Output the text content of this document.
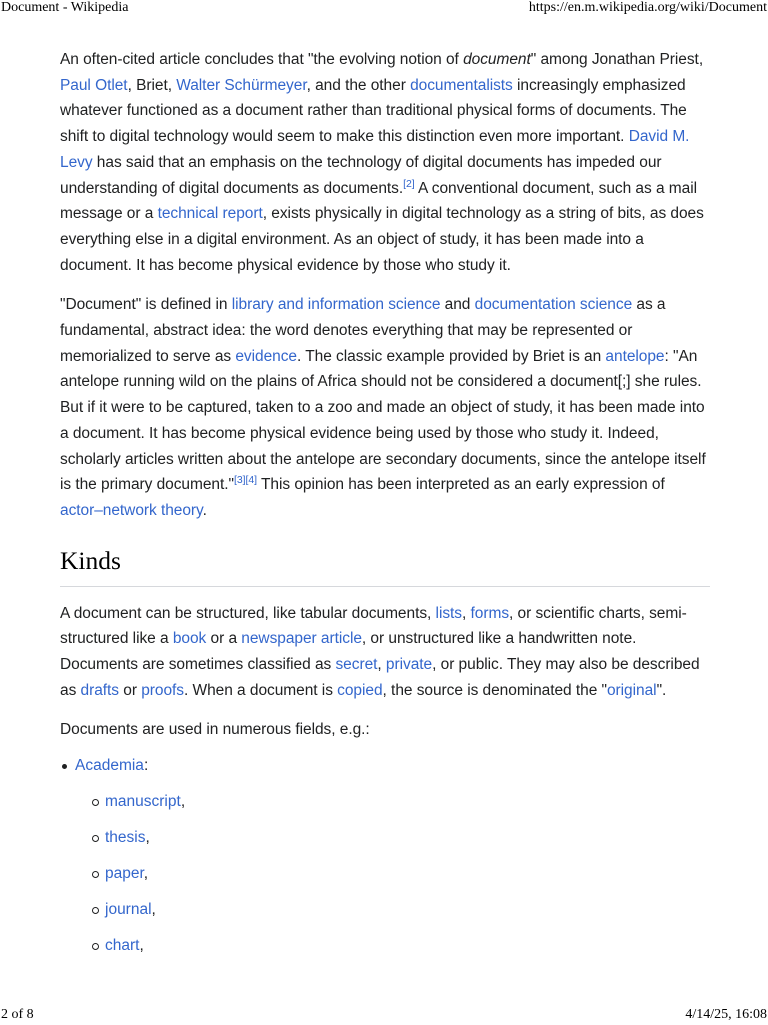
Document - Wikipedia	https://en.m.wikipedia.org/wiki/Document

An often-cited article concludes that "the evolving notion of document" among Jonathan Priest, Paul Otlet, Briet, Walter Schürmeyer, and the other documentalists increasingly emphasized whatever functioned as a document rather than traditional physical forms of documents. The shift to digital technology would seem to make this distinction even more important. David M. Levy has said that an emphasis on the technology of digital documents has impeded our understanding of digital documents as documents.[2] A conventional document, such as a mail message or a technical report, exists physically in digital technology as a string of bits, as does everything else in a digital environment. As an object of study, it has been made into a document. It has become physical evidence by those who study it.

"Document" is defined in library and information science and documentation science as a fundamental, abstract idea: the word denotes everything that may be represented or memorialized to serve as evidence. The classic example provided by Briet is an antelope: "An antelope running wild on the plains of Africa should not be considered a document[;] she rules. But if it were to be captured, taken to a zoo and made an object of study, it has been made into a document. It has become physical evidence being used by those who study it. Indeed, scholarly articles written about the antelope are secondary documents, since the antelope itself is the primary document."[3][4] This opinion has been interpreted as an early expression of actor–network theory.

Kinds

A document can be structured, like tabular documents, lists, forms, or scientific charts, semi-structured like a book or a newspaper article, or unstructured like a handwritten note. Documents are sometimes classified as secret, private, or public. They may also be described as drafts or proofs. When a document is copied, the source is denominated the "original".

Documents are used in numerous fields, e.g.:

Academia:
manuscript,
thesis,
paper,
journal,
chart,
2 of 8	4/14/25, 16:08
